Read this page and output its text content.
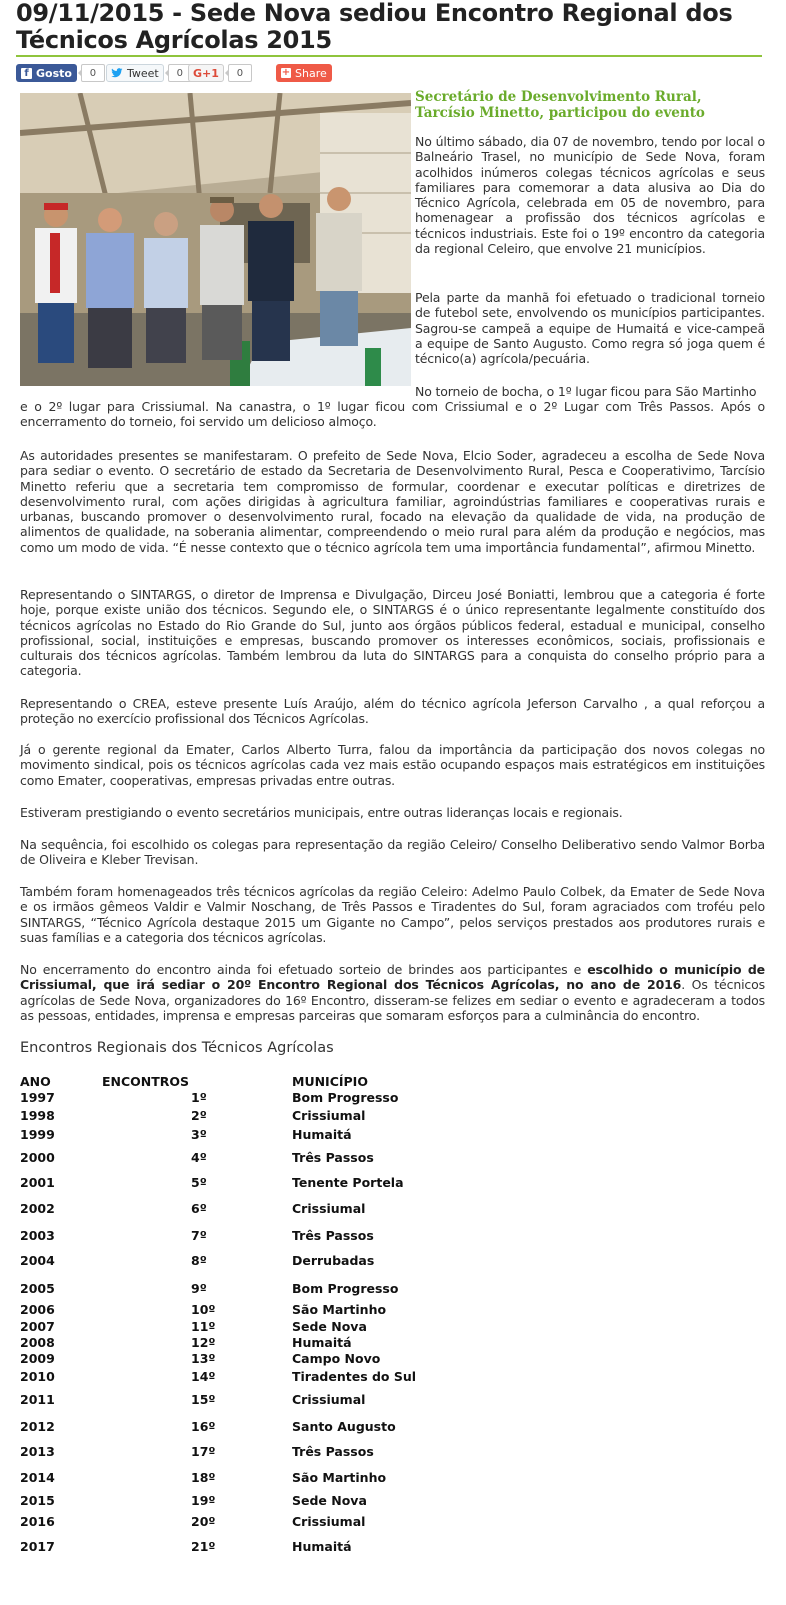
09/11/2015 - Sede Nova sediou Encontro Regional dos Técnicos Agrícolas 2015
f Gosto	0	Tweet	0 G+1	0	+ Share
Secretário de Desenvolvimento Rural, Tarcísio Minetto, participou do evento

No último sábado, dia 07 de novembro, tendo por local o Balneário Trasel, no município de Sede Nova, foram acolhidos inúmeros colegas técnicos agrícolas e seus familiares para comemorar a data alusiva ao Dia do Técnico Agrícola, celebrada em 05 de novembro, para homenagear a profissão dos técnicos agrícolas e técnicos industriais. Este foi o 19º encontro da categoria da regional Celeiro, que envolve 21 municípios.

Pela parte da manhã foi efetuado o tradicional torneio de futebol sete, envolvendo os municípios participantes. Sagrou-se campeã a equipe de Humaitá e vice-campeã a equipe de Santo Augusto. Como regra só joga quem é técnico(a) agrícola/pecuária.

No torneio de bocha, o 1º lugar ficou para São Martinho

e o 2º lugar para Crissiumal. Na canastra, o 1º lugar ficou com Crissiumal e o 2º Lugar com Três Passos. Após o encerramento do torneio, foi servido um delicioso almoço.

As autoridades presentes se manifestaram. O prefeito de Sede Nova, Elcio Soder, agradeceu a escolha de Sede Nova para sediar o evento. O secretário de estado da Secretaria de Desenvolvimento Rural, Pesca e Cooperativimo, Tarcísio Minetto referiu que a secretaria tem compromisso de formular, coordenar e executar políticas e diretrizes de desenvolvimento rural, com ações dirigidas à agricultura familiar, agroindústrias familiares e cooperativas rurais e urbanas, buscando promover o desenvolvimento rural, focado na elevação da qualidade de vida, na produção de alimentos de qualidade, na soberania alimentar, compreendendo o meio rural para além da produção e negócios, mas como um modo de vida. “É nesse contexto que o técnico agrícola tem uma importância fundamental”, afirmou Minetto.

Representando o SINTARGS, o diretor de Imprensa e Divulgação, Dirceu José Boniatti, lembrou que a categoria é forte hoje, porque existe união dos técnicos. Segundo ele, o SINTARGS é o único representante legalmente constituído dos técnicos agrícolas no Estado do Rio Grande do Sul, junto aos órgãos públicos federal, estadual e municipal, conselho profissional, social, instituições e empresas, buscando promover os interesses econômicos, sociais, profissionais e culturais dos técnicos agrícolas. Também lembrou da luta do SINTARGS para a conquista do conselho próprio para a categoria.

Representando o CREA, esteve presente Luís Araújo, além do técnico agrícola Jeferson Carvalho , a qual reforçou a proteção no exercício profissional dos Técnicos Agrícolas.

Já o gerente regional da Emater, Carlos Alberto Turra, falou da importância da participação dos novos colegas no movimento sindical, pois os técnicos agrícolas cada vez mais estão ocupando espaços mais estratégicos em instituições como Emater, cooperativas, empresas privadas entre outras.

Estiveram prestigiando o evento secretários municipais, entre outras lideranças locais e regionais.

Na sequência, foi escolhido os colegas para representação da região Celeiro/ Conselho Deliberativo sendo Valmor Borba de Oliveira e Kleber Trevisan.

Também foram homenageados três técnicos agrícolas da região Celeiro: Adelmo Paulo Colbek, da Emater de Sede Nova e os irmãos gêmeos Valdir e Valmir Noschang, de Três Passos e Tiradentes do Sul, foram agraciados com troféu pelo SINTARGS, “Técnico Agrícola destaque 2015 um Gigante no Campo”, pelos serviços prestados aos produtores rurais e suas famílias e a categoria dos técnicos agrícolas.

No encerramento do encontro ainda foi efetuado sorteio de brindes aos participantes e escolhido o município de Crissiumal, que irá sediar o 20º Encontro Regional dos Técnicos Agrícolas, no ano de 2016. Os técnicos agrícolas de Sede Nova, organizadores do 16º Encontro, disseram-se felizes em sediar o evento e agradeceram a todos as pessoas, entidades, imprensa e empresas parceiras que somaram esforços para a culminância do encontro.

Encontros Regionais dos Técnicos Agrícolas
ANO	ENCONTROS	MUNICÍPIO
1997	1º	Bom Progresso
1998	2º	Crissiumal
1999	3º	Humaitá
2000	4º	Três Passos
2001	5º	Tenente Portela
2002	6º	Crissiumal
2003	7º	Três Passos
2004	8º	Derrubadas
2005	9º	Bom Progresso
2006	10º	São Martinho
2007	11º	Sede Nova
2008	12º	Humaitá
2009	13º	Campo Novo
2010	14º	Tiradentes do Sul
2011	15º	Crissiumal
2012	16º	Santo Augusto
2013	17º	Três Passos
2014	18º	São Martinho
2015	19º	Sede Nova
2016	20º	Crissiumal
2017	21º	Humaitá
